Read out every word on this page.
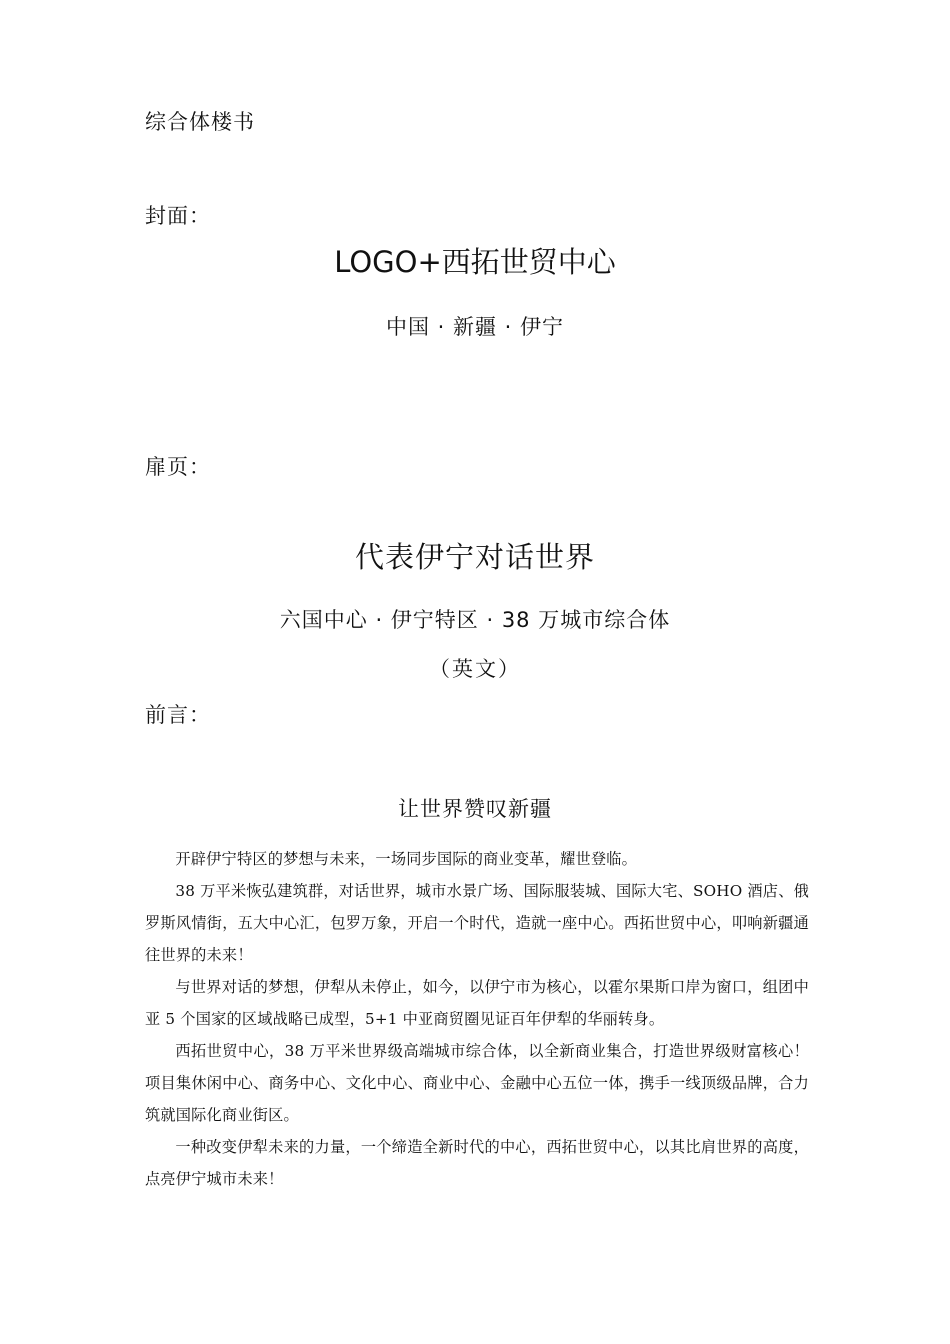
综合体楼书
封面：
LOGO+西拓世贸中心
中国 · 新疆 · 伊宁
扉页：
代表伊宁对话世界
六国中心 · 伊宁特区 · 38 万城市综合体
（英文）
前言：
让世界赞叹新疆

开辟伊宁特区的梦想与未来，一场同步国际的商业变革，耀世登临。

38 万平米恢弘建筑群，对话世界，城市水景广场、国际服装城、国际大宅、SOHO 酒店、俄罗斯风情街，五大中心汇，包罗万象，开启一个时代，造就一座中心。西拓世贸中心，叩响新疆通往世界的未来！

与世界对话的梦想，伊犁从未停止，如今，以伊宁市为核心，以霍尔果斯口岸为窗口，组团中亚 5 个国家的区域战略已成型，5+1 中亚商贸圈见证百年伊犁的华丽转身。

西拓世贸中心，38 万平米世界级高端城市综合体，以全新商业集合，打造世界级财富核心！项目集休闲中心、商务中心、文化中心、商业中心、金融中心五位一体，携手一线顶级品牌，合力筑就国际化商业街区。

一种改变伊犁未来的力量，一个缔造全新时代的中心，西拓世贸中心，以其比肩世界的高度，点亮伊宁城市未来！
